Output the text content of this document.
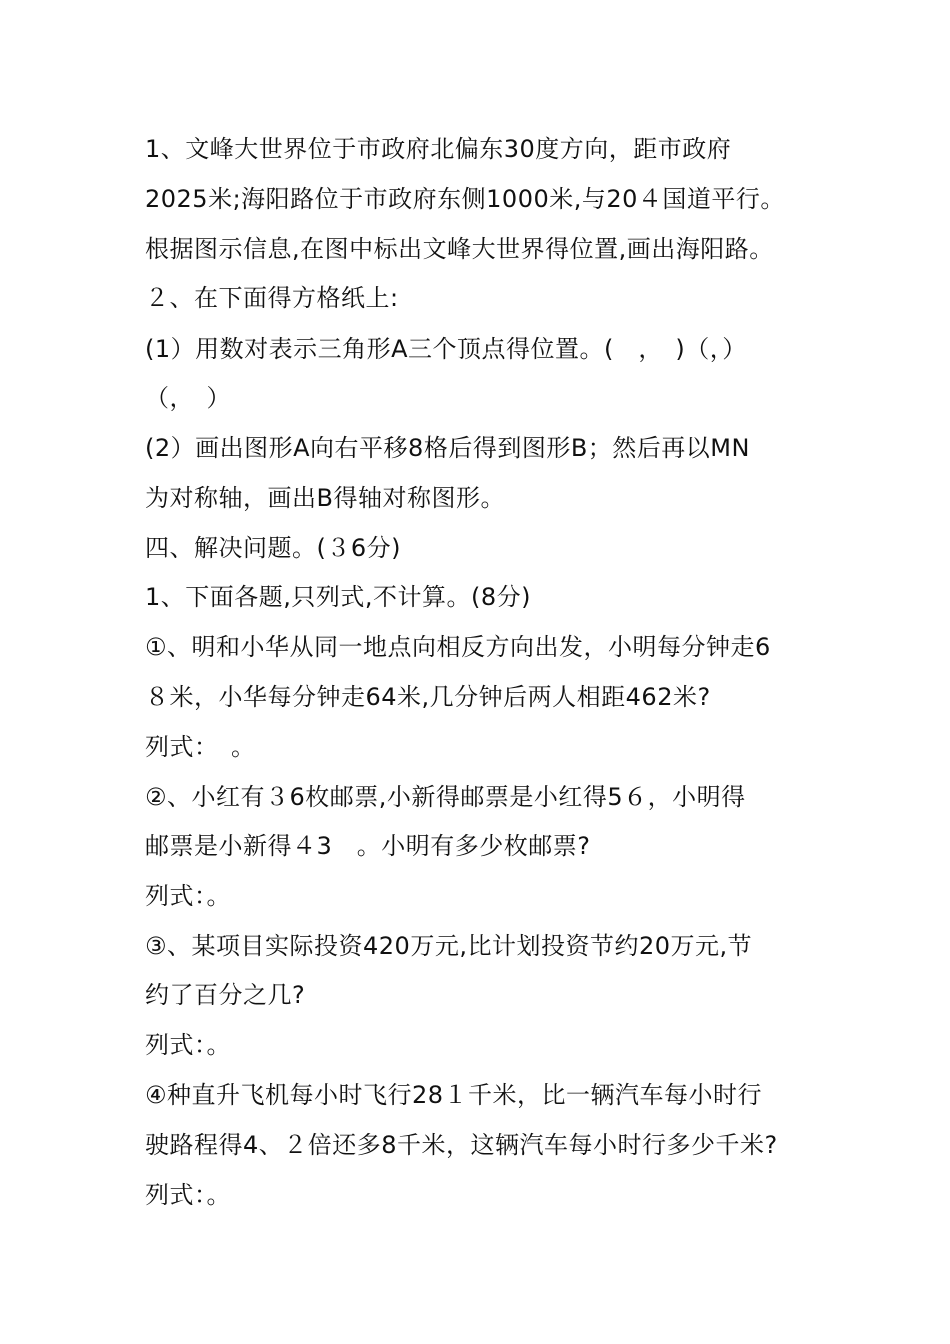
1、文峰大世界位于市政府北偏东30度方向，距市政府
2025米;海阳路位于市政府东侧1000米,与20４国道平行。
根据图示信息,在图中标出文峰大世界得位置,画出海阳路。
２、在下面得方格纸上:
(1）用数对表示三角形A三个顶点得位置。(　，　)（，）
（，　）
(2）画出图形A向右平移8格后得到图形B；然后再以MN
为对称轴，画出B得轴对称图形。
四、解决问题。(３6分)
1、下面各题,只列式,不计算。(8分)
①、明和小华从同一地点向相反方向出发，小明每分钟走6
８米，小华每分钟走64米,几分钟后两人相距462米?
列式：　。
②、小红有３6枚邮票,小新得邮票是小红得5６，小明得
邮票是小新得４3　。小明有多少枚邮票?
列式：。
③、某项目实际投资420万元,比计划投资节约20万元,节
约了百分之几?
列式：。
④种直升飞机每小时飞行28１千米，比一辆汽车每小时行
驶路程得4、２倍还多8千米，这辆汽车每小时行多少千米?
列式：。
